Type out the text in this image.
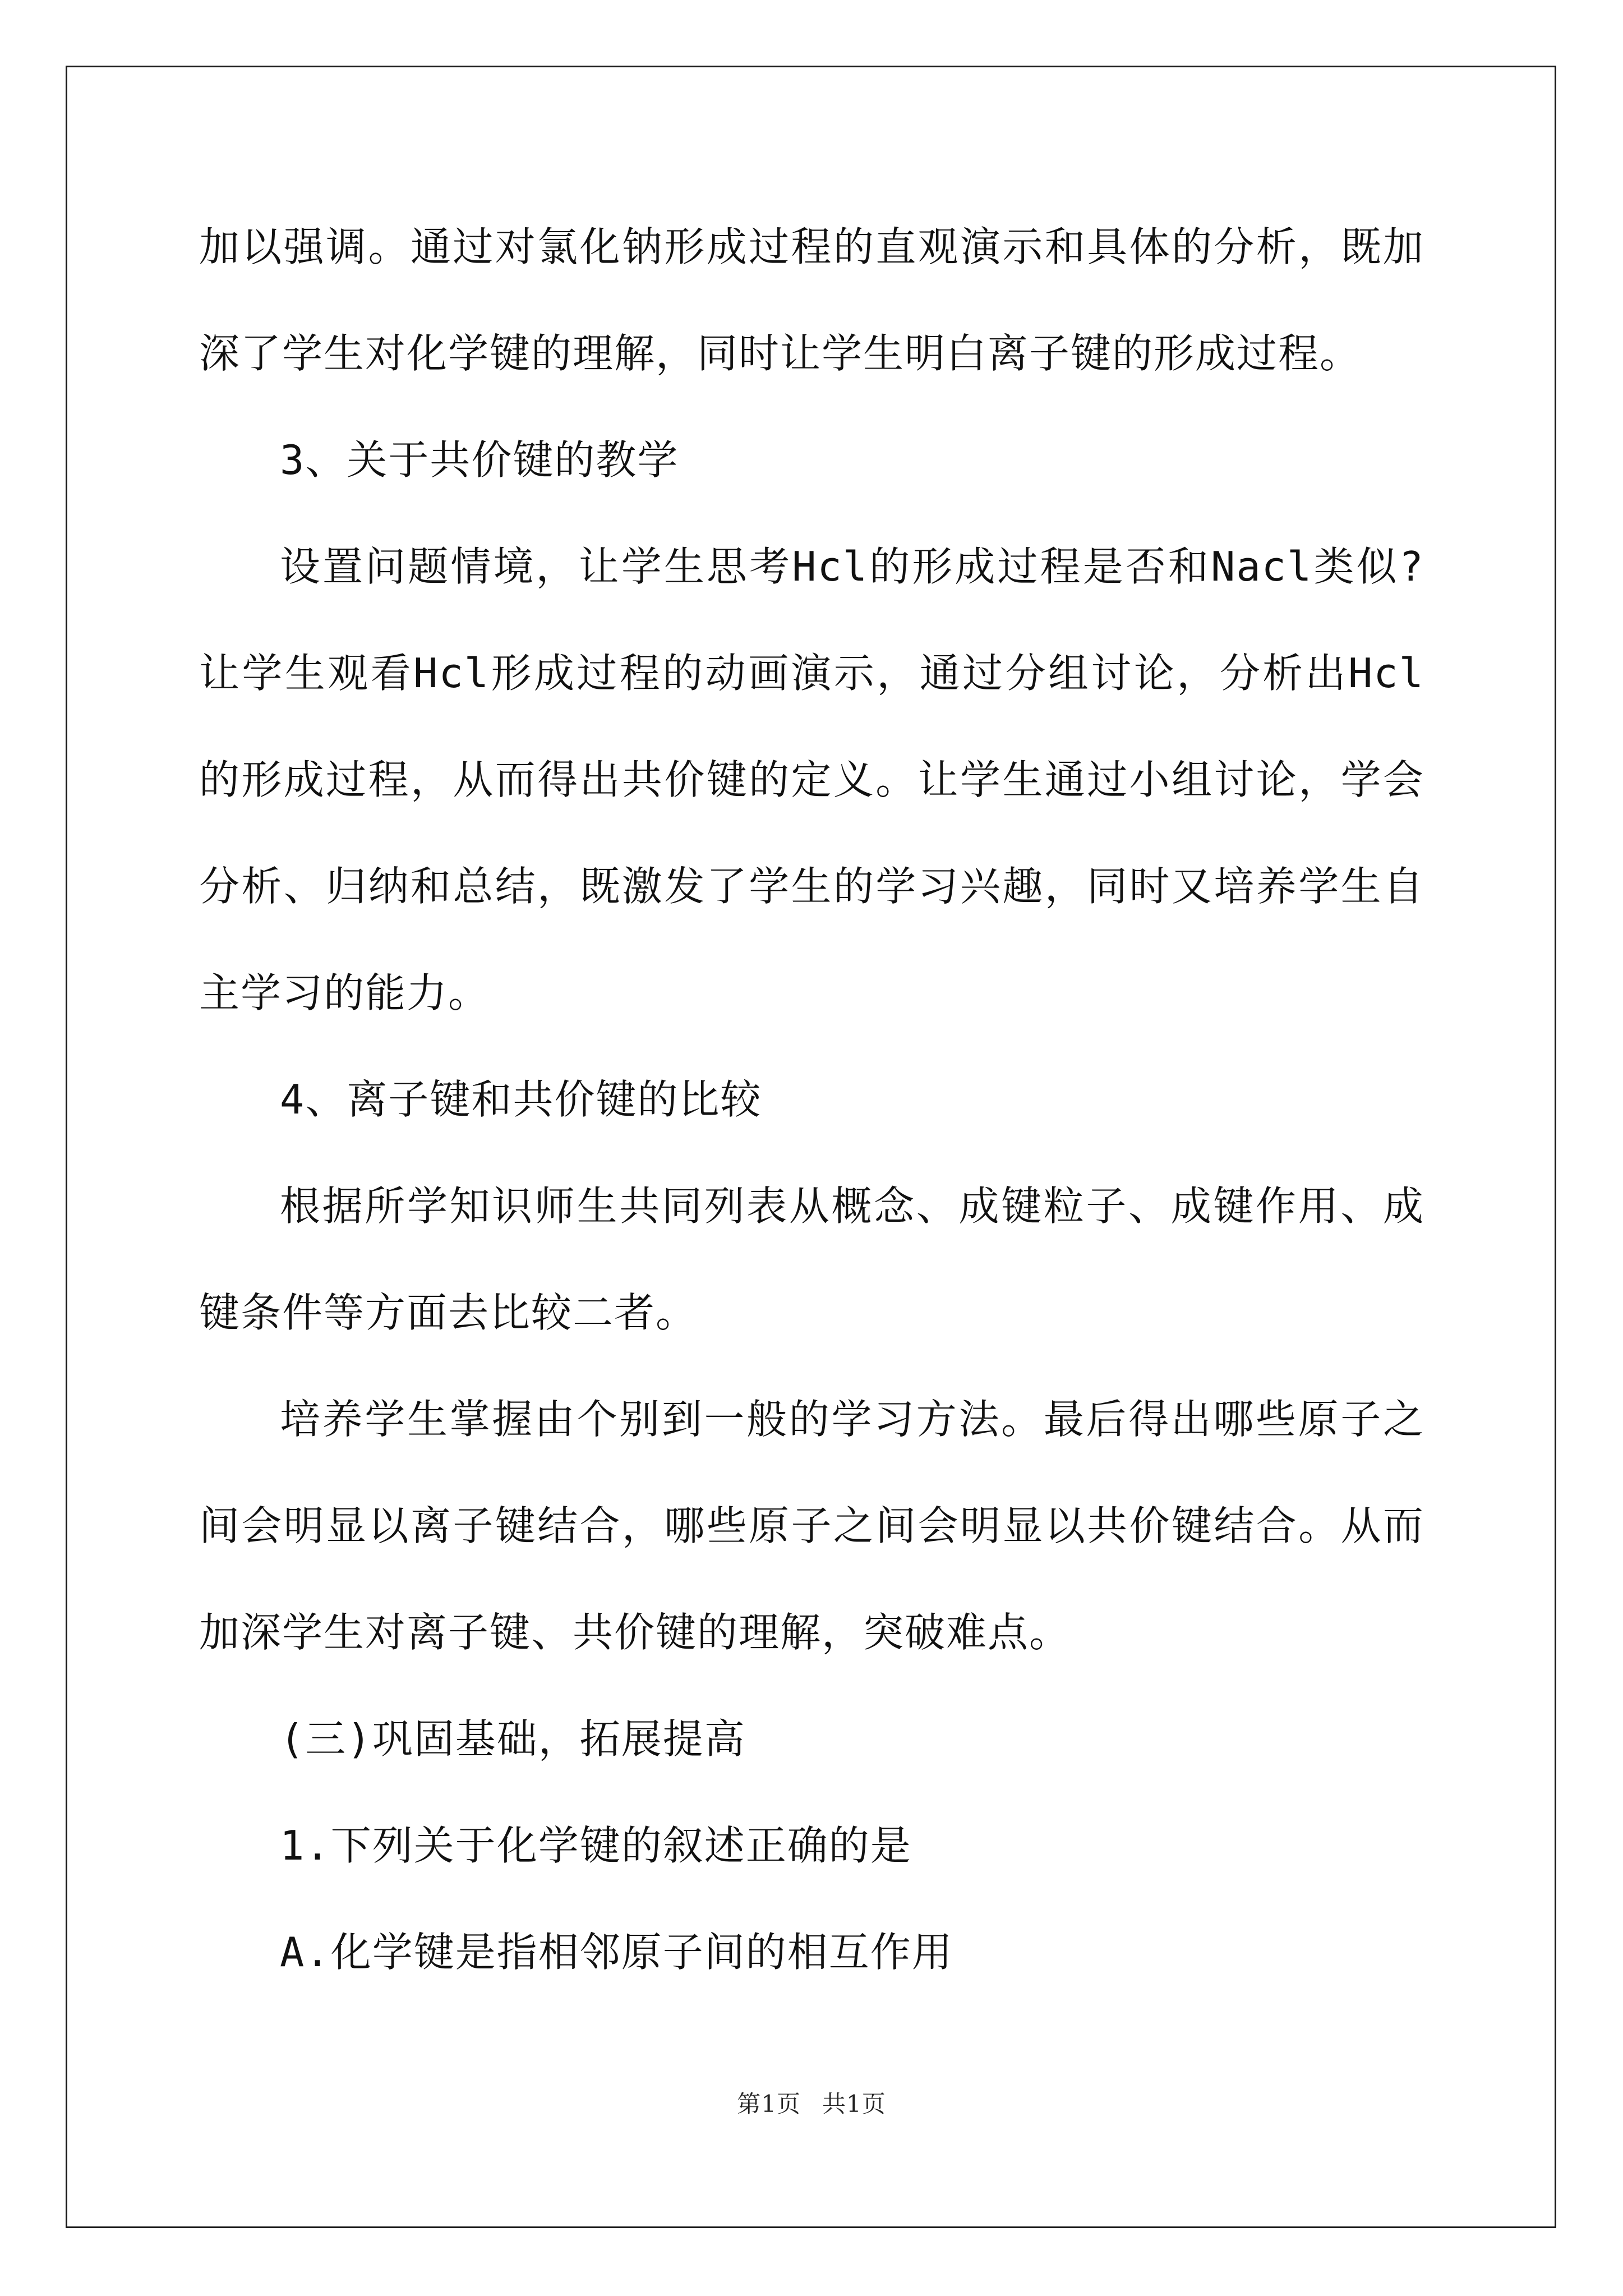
加以强调。通过对氯化钠形成过程的直观演示和具体的分析，既加深了学生对化学键的理解，同时让学生明白离子键的形成过程。

3、关于共价键的教学

设置问题情境，让学生思考Hcl的形成过程是否和Nacl类似?让学生观看Hcl形成过程的动画演示，通过分组讨论，分析出Hcl的形成过程，从而得出共价键的定义。让学生通过小组讨论，学会分析、归纳和总结，既激发了学生的学习兴趣，同时又培养学生自主学习的能力。

4、离子键和共价键的比较

根据所学知识师生共同列表从概念、成键粒子、成键作用、成键条件等方面去比较二者。

培养学生掌握由个别到一般的学习方法。最后得出哪些原子之间会明显以离子键结合，哪些原子之间会明显以共价键结合。从而加深学生对离子键、共价键的理解，突破难点。

(三)巩固基础，拓展提高

1.下列关于化学键的叙述正确的是

A.化学键是指相邻原子间的相互作用

第1页 共1页
